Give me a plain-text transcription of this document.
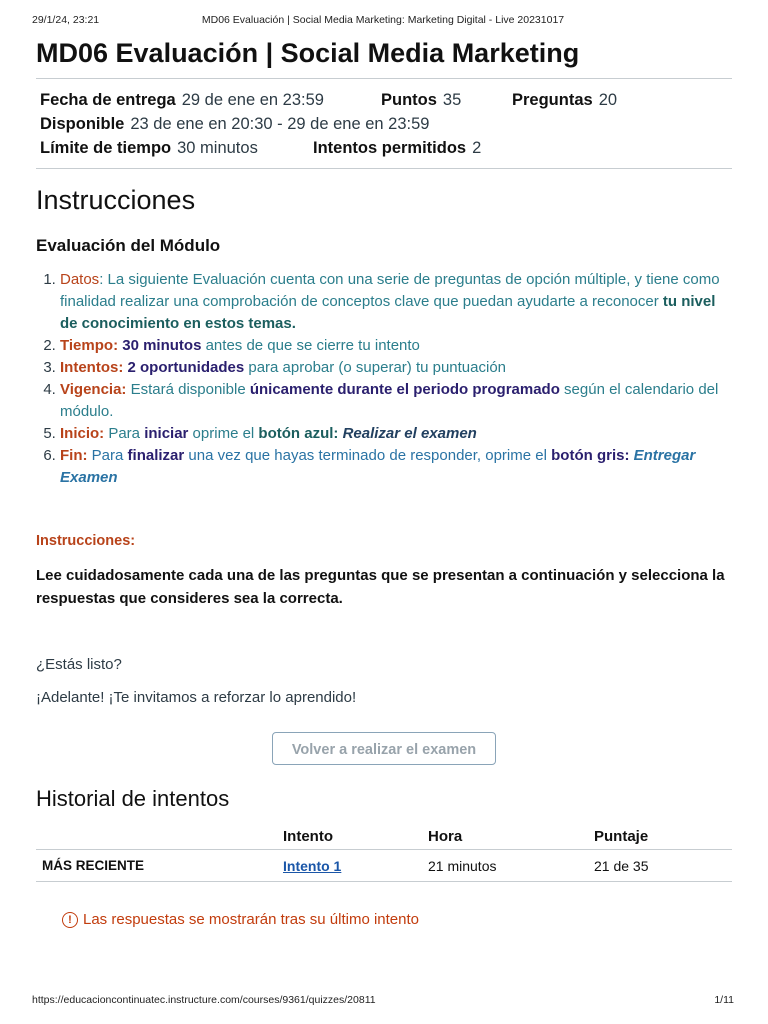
29/1/24, 23:21	MD06 Evaluación | Social Media Marketing: Marketing Digital - Live 20231017
MD06 Evaluación | Social Media Marketing
Fecha de entrega 29 de ene en 23:59	Puntos 35	Preguntas 20
Disponible 23 de ene en 20:30 - 29 de ene en 23:59
Límite de tiempo 30 minutos	Intentos permitidos 2
Instrucciones
Evaluación del Módulo
1. Datos: La siguiente Evaluación cuenta con una serie de preguntas de opción múltiple, y tiene como finalidad realizar una comprobación de conceptos clave que puedan ayudarte a reconocer tu nivel de conocimiento en estos temas.
2. Tiempo: 30 minutos antes de que se cierre tu intento
3. Intentos: 2 oportunidades para aprobar (o superar) tu puntuación
4. Vigencia: Estará disponible únicamente durante el periodo programado según el calendario del módulo.
5. Inicio: Para iniciar oprime el botón azul: Realizar el examen
6. Fin: Para finalizar una vez que hayas terminado de responder, oprime el botón gris: Entregar Examen
Instrucciones:
Lee cuidadosamente cada una de las preguntas que se presentan a continuación y selecciona la respuestas que consideres sea la correcta.
¿Estás listo?
¡Adelante! ¡Te invitamos a reforzar lo aprendido!
Volver a realizar el examen
Historial de intentos
	Intento	Hora	Puntaje
MÁS RECIENTE	Intento 1	21 minutos	21 de 35
! Las respuestas se mostrarán tras su último intento
https://educacioncontinuatec.instructure.com/courses/9361/quizzes/20811	1/11
